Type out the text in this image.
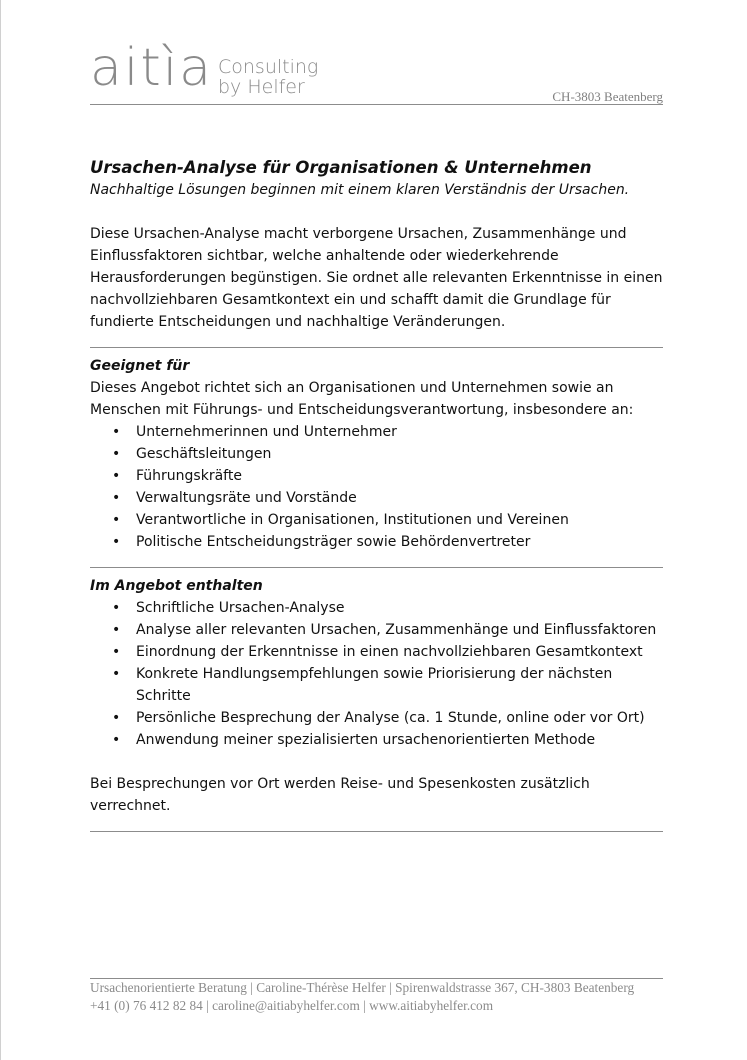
aitìa Consulting
by Helfer	CH-3803 Beatenberg

Ursachen-Analyse für Organisationen & Unternehmen

Nachhaltige Lösungen beginnen mit einem klaren Verständnis der Ursachen.

Diese Ursachen-Analyse macht verborgene Ursachen, Zusammenhänge und Einflussfaktoren sichtbar, welche anhaltende oder wiederkehrende Herausforderungen begünstigen. Sie ordnet alle relevanten Erkenntnisse in einen nachvollziehbaren Gesamtkontext ein und schafft damit die Grundlage für fundierte Entscheidungen und nachhaltige Veränderungen.

Geeignet für

Dieses Angebot richtet sich an Organisationen und Unternehmen sowie an Menschen mit Führungs- und Entscheidungsverantwortung, insbesondere an:

• Unternehmerinnen und Unternehmer
• Geschäftsleitungen
• Führungskräfte
• Verwaltungsräte und Vorstände
• Verantwortliche in Organisationen, Institutionen und Vereinen
• Politische Entscheidungsträger sowie Behördenvertreter

Im Angebot enthalten

• Schriftliche Ursachen-Analyse
• Analyse aller relevanten Ursachen, Zusammenhänge und Einflussfaktoren
• Einordnung der Erkenntnisse in einen nachvollziehbaren Gesamtkontext
• Konkrete Handlungsempfehlungen sowie Priorisierung der nächsten Schritte
• Persönliche Besprechung der Analyse (ca. 1 Stunde, online oder vor Ort)
• Anwendung meiner spezialisierten ursachenorientierten Methode

Bei Besprechungen vor Ort werden Reise- und Spesenkosten zusätzlich verrechnet.

Ursachenorientierte Beratung | Caroline-Thérèse Helfer | Spirenwaldstrasse 367, CH-3803 Beatenberg
+41 (0) 76 412 82 84 | caroline@aitiabyhelfer.com | www.aitiabyhelfer.com
